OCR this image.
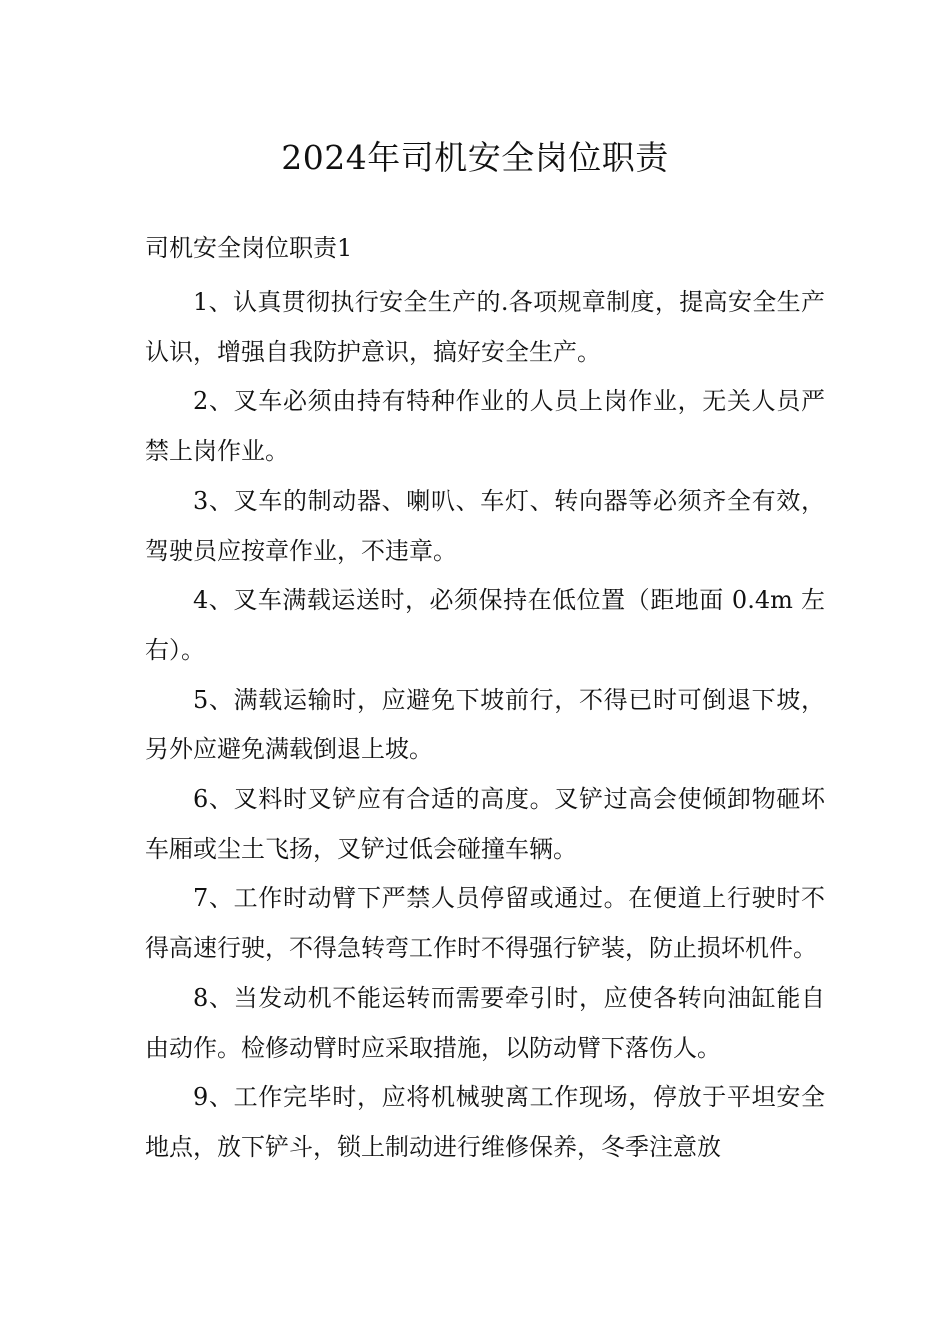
2024年司机安全岗位职责
司机安全岗位职责1

1、认真贯彻执行安全生产的.各项规章制度，提高安全生产认识，增强自我防护意识，搞好安全生产。

2、叉车必须由持有特种作业的人员上岗作业，无关人员严禁上岗作业。

3、叉车的制动器、喇叭、车灯、转向器等必须齐全有效，驾驶员应按章作业，不违章。

4、叉车满载运送时，必须保持在低位置（距地面 0.4m 左右）。

5、满载运输时，应避免下坡前行，不得已时可倒退下坡，另外应避免满载倒退上坡。

6、叉料时叉铲应有合适的高度。叉铲过高会使倾卸物砸坏车厢或尘土飞扬，叉铲过低会碰撞车辆。

7、工作时动臂下严禁人员停留或通过。在便道上行驶时不得高速行驶，不得急转弯工作时不得强行铲装，防止损坏机件。

8、当发动机不能运转而需要牵引时，应使各转向油缸能自由动作。检修动臂时应采取措施，以防动臂下落伤人。

9、工作完毕时，应将机械驶离工作现场，停放于平坦安全地点，放下铲斗，锁上制动进行维修保养，冬季注意放
